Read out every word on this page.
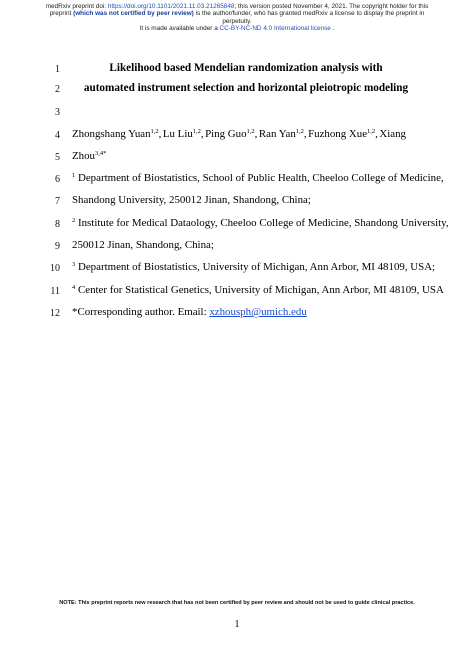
medRxiv preprint doi: https://doi.org/10.1101/2021.11.03.21265848; this version posted November 4, 2021. The copyright holder for this
preprint (which was not certified by peer review) is the author/funder, who has granted medRxiv a license to display the preprint in
perpetuity.
It is made available under a CC-BY-NC-ND 4.0 International license .
1
2
3
4
5
6
7
8
9
10
11
12
Likelihood based Mendelian randomization analysis with
automated instrument selection and horizontal pleiotropic modeling
Zhongshang Yuan$^{1,2}$, Lu Liu$^{1,2}$, Ping Guo$^{1,2}$, Ran Yan$^{1,2}$, Fuzhong Xue$^{1,2}$, Xiang
Zhou$^{3,4*}$
$^1$ Department of Biostatistics, School of Public Health, Cheeloo College of Medicine,
Shandong University, 250012 Jinan, Shandong, China;
$^2$ Institute for Medical Dataology, Cheeloo College of Medicine, Shandong University,
250012 Jinan, Shandong, China;
$^3$ Department of Biostatistics, University of Michigan, Ann Arbor, MI 48109, USA;
$^4$ Center for Statistical Genetics, University of Michigan, Ann Arbor, MI 48109, USA
*Corresponding author. Email: xzhousph@umich.edu
NOTE: This preprint reports new research that has not been certified by peer review and should not be used to guide clinical practice.
1
